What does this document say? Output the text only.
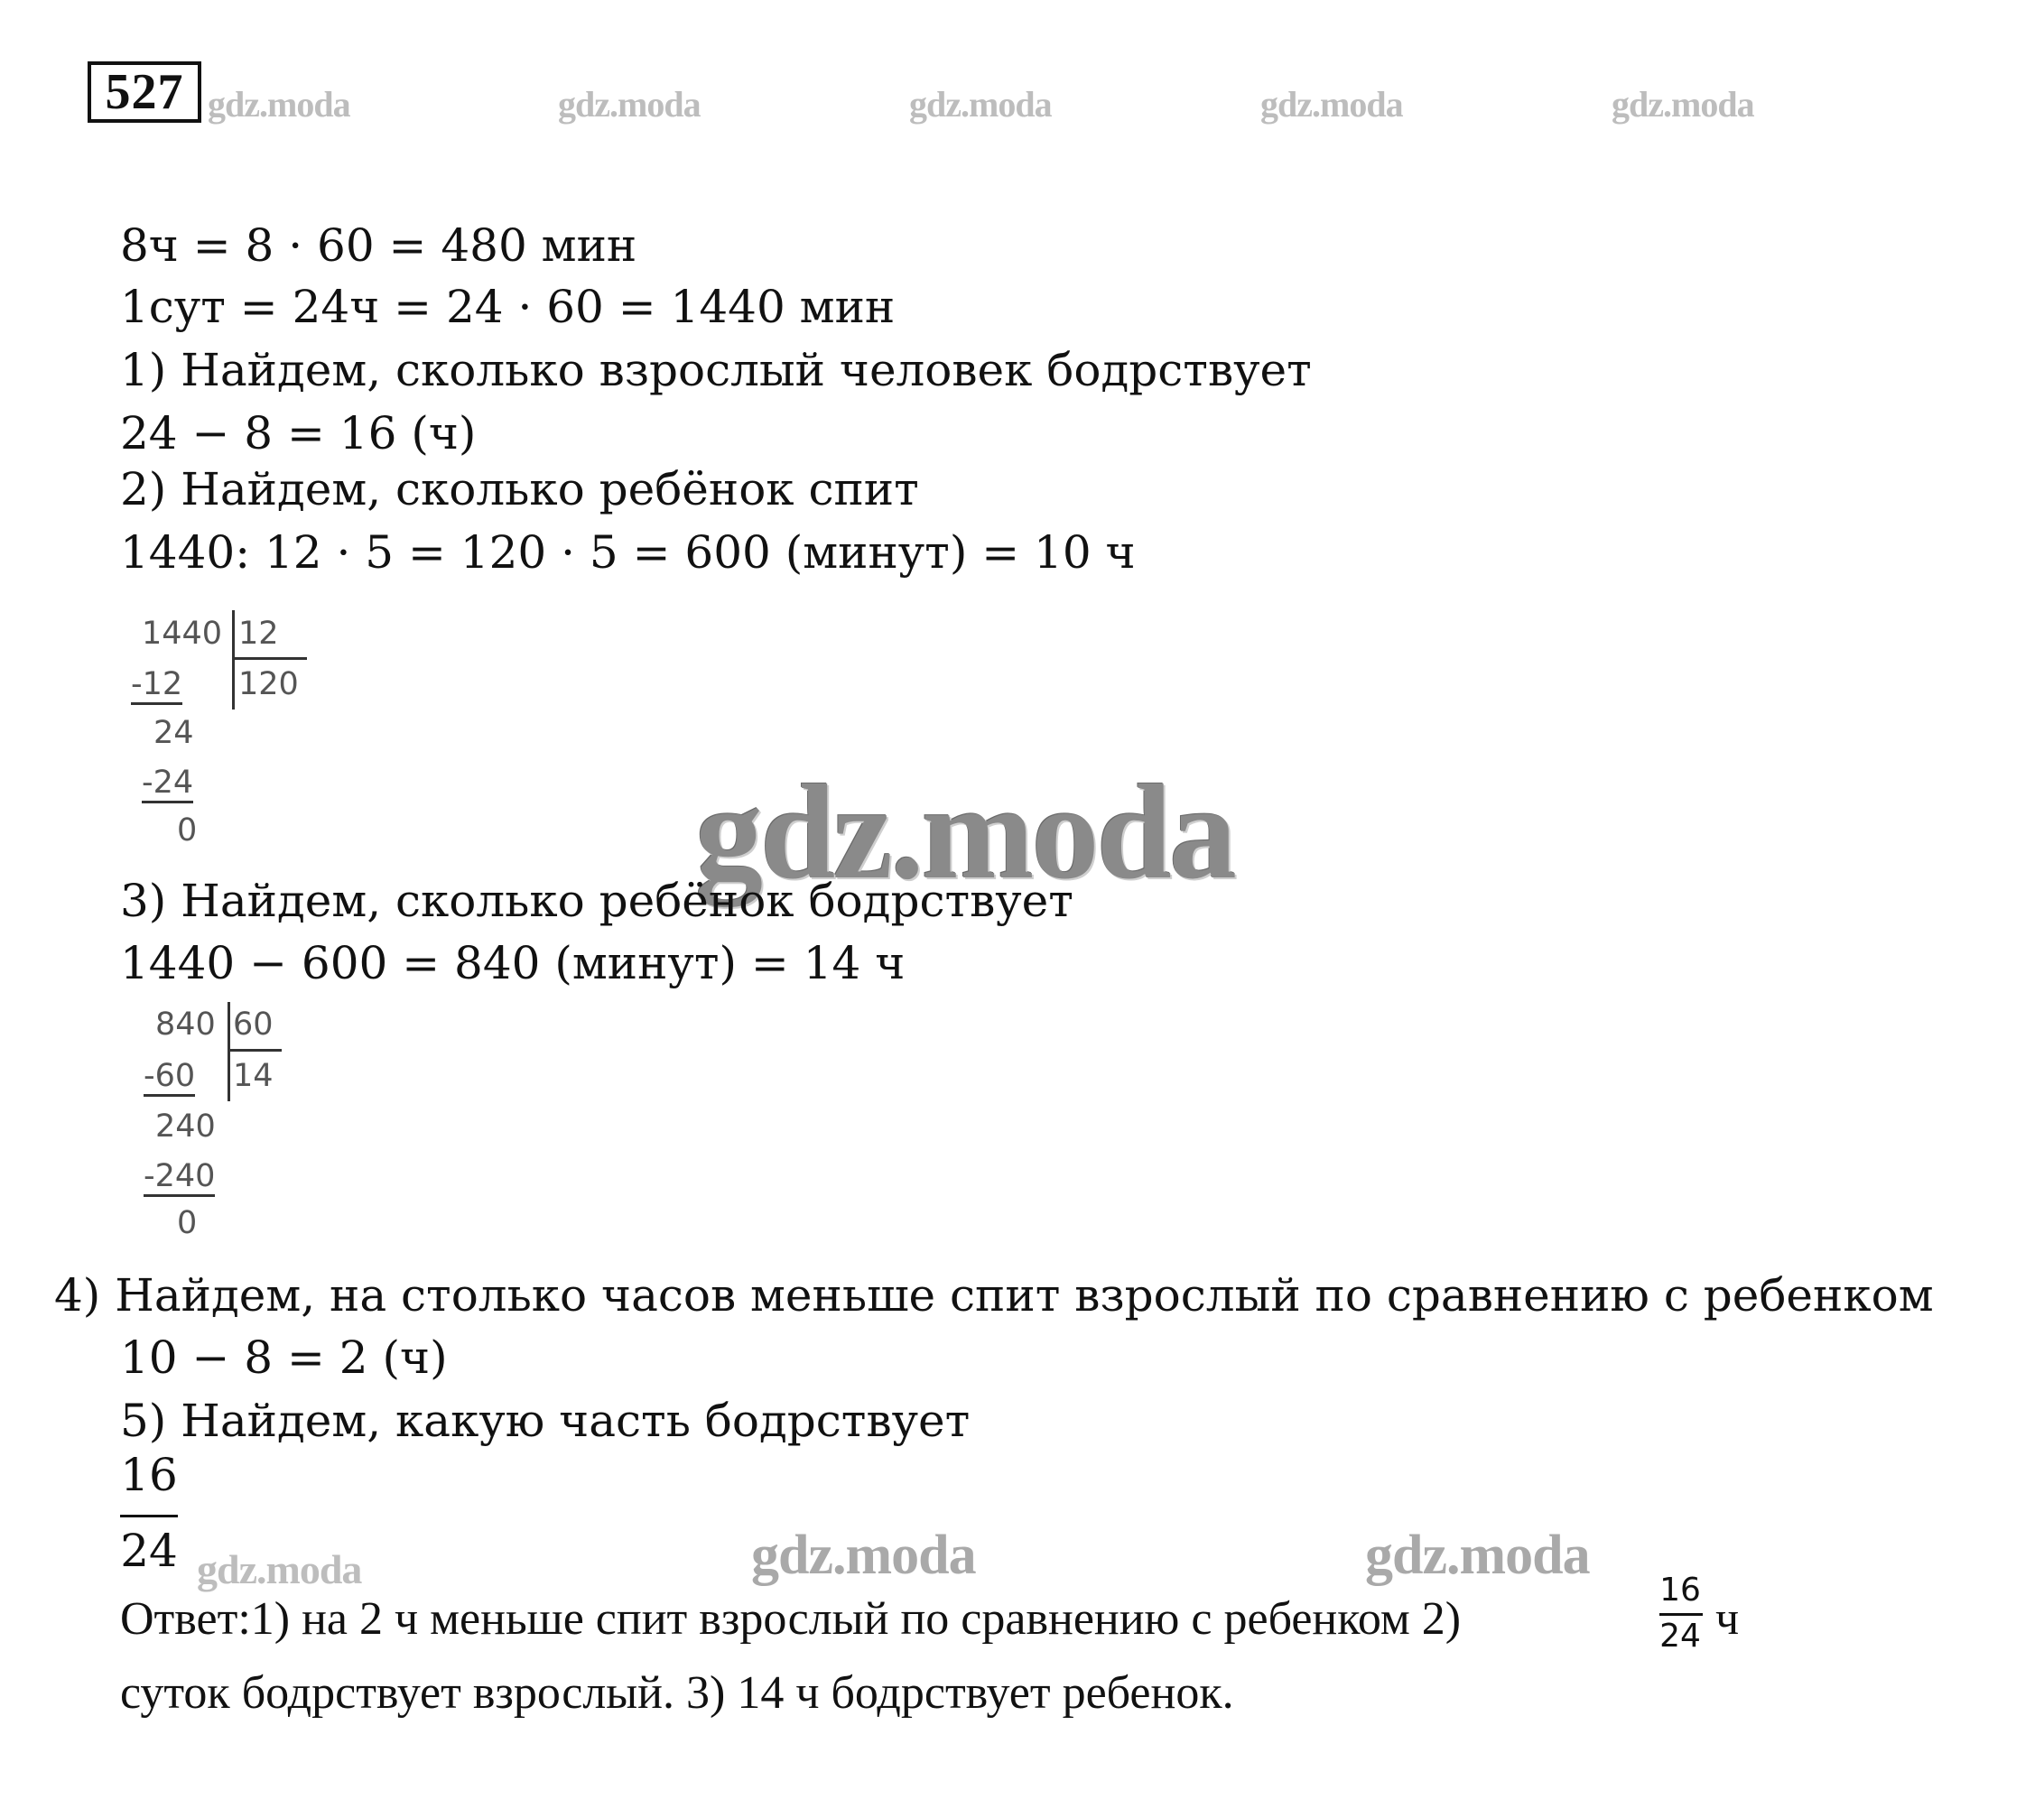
527 gdz.moda	gdz.moda	gdz.moda	gdz.moda	gdz.moda
8ч = 8 · 60 = 480 мин
1сут = 24ч = 24 · 60 = 1440 мин
1) Найдем, сколько взрослый человек бодрствует
24 − 8 = 16 (ч)
2) Найдем, сколько ребёнок спит
1440: 12 · 5 = 120 · 5 = 600 (минут) = 10 ч
1440 12
120
-12
24
-24
0	gdz.moda
3) Найдем, сколько ребёнок бодрствует
1440 − 600 = 840 (минут) = 14 ч
840 60
14
-60
240
-240
0
4) Найдем, на столько часов меньше спит взрослый по сравнению с ребенком
10 − 8 = 2 (ч)
5) Найдем, какую часть бодрствует
16
24 gdz.moda	gdz.moda	gdz.moda
Ответ:1) на 2 ч меньше спит взрослый по сравнению с ребенком 2)
16
24 ч
суток бодрствует взрослый. 3) 14 ч бодрствует ребенок.
